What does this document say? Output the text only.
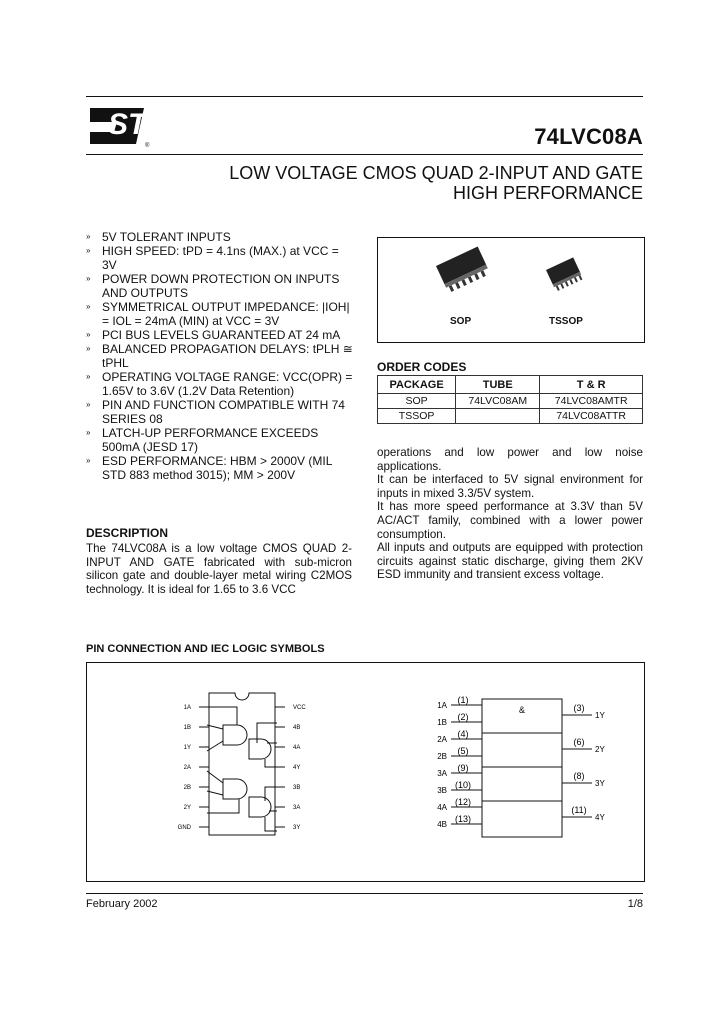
ST
®	74LVC08A
LOW VOLTAGE CMOS QUAD 2-INPUT AND GATE
HIGH PERFORMANCE
» 5V TOLERANT INPUTS
» HIGH SPEED: tPD = 4.1ns (MAX.) at VCC = 3V
» POWER DOWN PROTECTION ON INPUTS AND OUTPUTS
» SYMMETRICAL OUTPUT IMPEDANCE: |IOH| = IOL = 24mA (MIN) at VCC = 3V
» PCI BUS LEVELS GUARANTEED AT 24 mA
» BALANCED PROPAGATION DELAYS: tPLH ≅ tPHL
» OPERATING VOLTAGE RANGE: VCC(OPR) = 1.65V to 3.6V (1.2V Data Retention)
» PIN AND FUNCTION COMPATIBLE WITH 74 SERIES 08
» LATCH-UP PERFORMANCE EXCEEDS 500mA (JESD 17)
» ESD PERFORMANCE: HBM > 2000V (MIL STD 883 method 3015); MM > 200V
DESCRIPTION
The 74LVC08A is a low voltage CMOS QUAD 2-INPUT AND GATE fabricated with sub-micron silicon gate and double-layer metal wiring C2MOS technology. It is ideal for 1.65 to 3.6 VCC
SOP	TSSOP
ORDER CODES
PACKAGE	TUBE	T & R
SOP	74LVC08AM	74LVC08AMTR
TSSOP		74LVC08ATTR
operations and low power and low noise applications.
It can be interfaced to 5V signal environment for inputs in mixed 3.3/5V system.
It has more speed performance at 3.3V than 5V AC/ACT family, combined with a lower power consumption.
All inputs and outputs are equipped with protection circuits against static discharge, giving them 2KV ESD immunity and transient excess voltage.
PIN CONNECTION AND IEC LOGIC SYMBOLS
&
1A
1B
1Y
2A
2B
2Y
GND
VCC
4B
4A
4Y
3B
3A
3Y
1A
(1)
1B
(2)
2A
(4)
2B
(5)
3A
(9)
3B
(10)
4A
(12)
4B
(13)
(3)
1Y
(6)
2Y
(8)
3Y
(11)
4Y
February 2002	1/8
